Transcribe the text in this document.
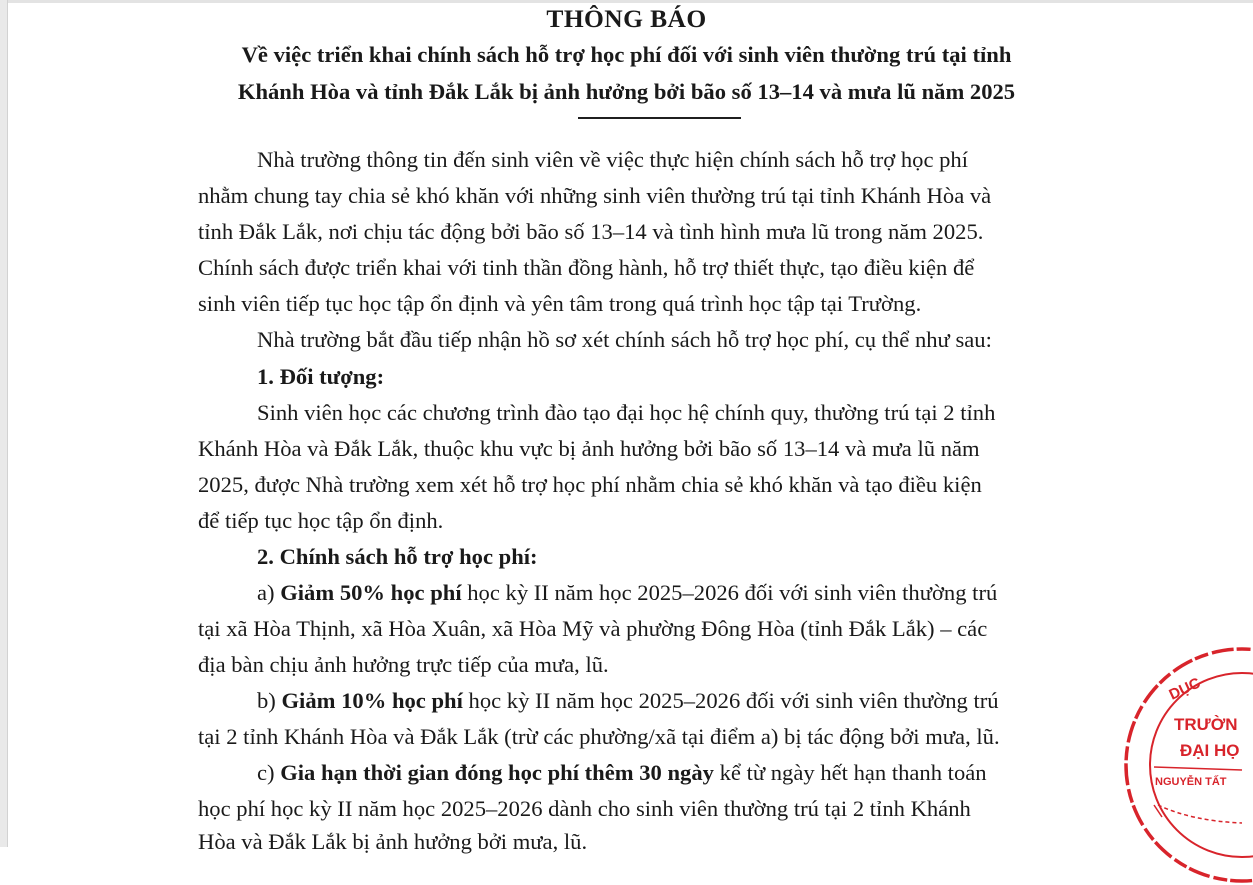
THÔNG BÁO
Về việc triển khai chính sách hỗ trợ học phí đối với sinh viên thường trú tại tỉnh
Khánh Hòa và tỉnh Đắk Lắk bị ảnh hưởng bởi bão số 13–14 và mưa lũ năm 2025
Nhà trường thông tin đến sinh viên về việc thực hiện chính sách hỗ trợ học phí
nhằm chung tay chia sẻ khó khăn với những sinh viên thường trú tại tỉnh Khánh Hòa và
tỉnh Đắk Lắk, nơi chịu tác động bởi bão số 13–14 và tình hình mưa lũ trong năm 2025.
Chính sách được triển khai với tinh thần đồng hành, hỗ trợ thiết thực, tạo điều kiện để
sinh viên tiếp tục học tập ổn định và yên tâm trong quá trình học tập tại Trường.
Nhà trường bắt đầu tiếp nhận hồ sơ xét chính sách hỗ trợ học phí, cụ thể như sau:
1. Đối tượng:
Sinh viên học các chương trình đào tạo đại học hệ chính quy, thường trú tại 2 tỉnh
Khánh Hòa và Đắk Lắk, thuộc khu vực bị ảnh hưởng bởi bão số 13–14 và mưa lũ năm
2025, được Nhà trường xem xét hỗ trợ học phí nhằm chia sẻ khó khăn và tạo điều kiện
để tiếp tục học tập ổn định.
2. Chính sách hỗ trợ học phí:
a) Giảm 50% học phí học kỳ II năm học 2025–2026 đối với sinh viên thường trú
tại xã Hòa Thịnh, xã Hòa Xuân, xã Hòa Mỹ và phường Đông Hòa (tỉnh Đắk Lắk) – các
địa bàn chịu ảnh hưởng trực tiếp của mưa, lũ.
b) Giảm 10% học phí học kỳ II năm học 2025–2026 đối với sinh viên thường trú
tại 2 tỉnh Khánh Hòa và Đắk Lắk (trừ các phường/xã tại điểm a) bị tác động bởi mưa, lũ.
c) Gia hạn thời gian đóng học phí thêm 30 ngày kể từ ngày hết hạn thanh toán
học phí học kỳ II năm học 2025–2026 dành cho sinh viên thường trú tại 2 tỉnh Khánh
Hòa và Đắk Lắk bị ảnh hưởng bởi mưa, lũ.
DỤC
TRƯỜN
ĐẠI HỌ
NGUYỄN TẤT
